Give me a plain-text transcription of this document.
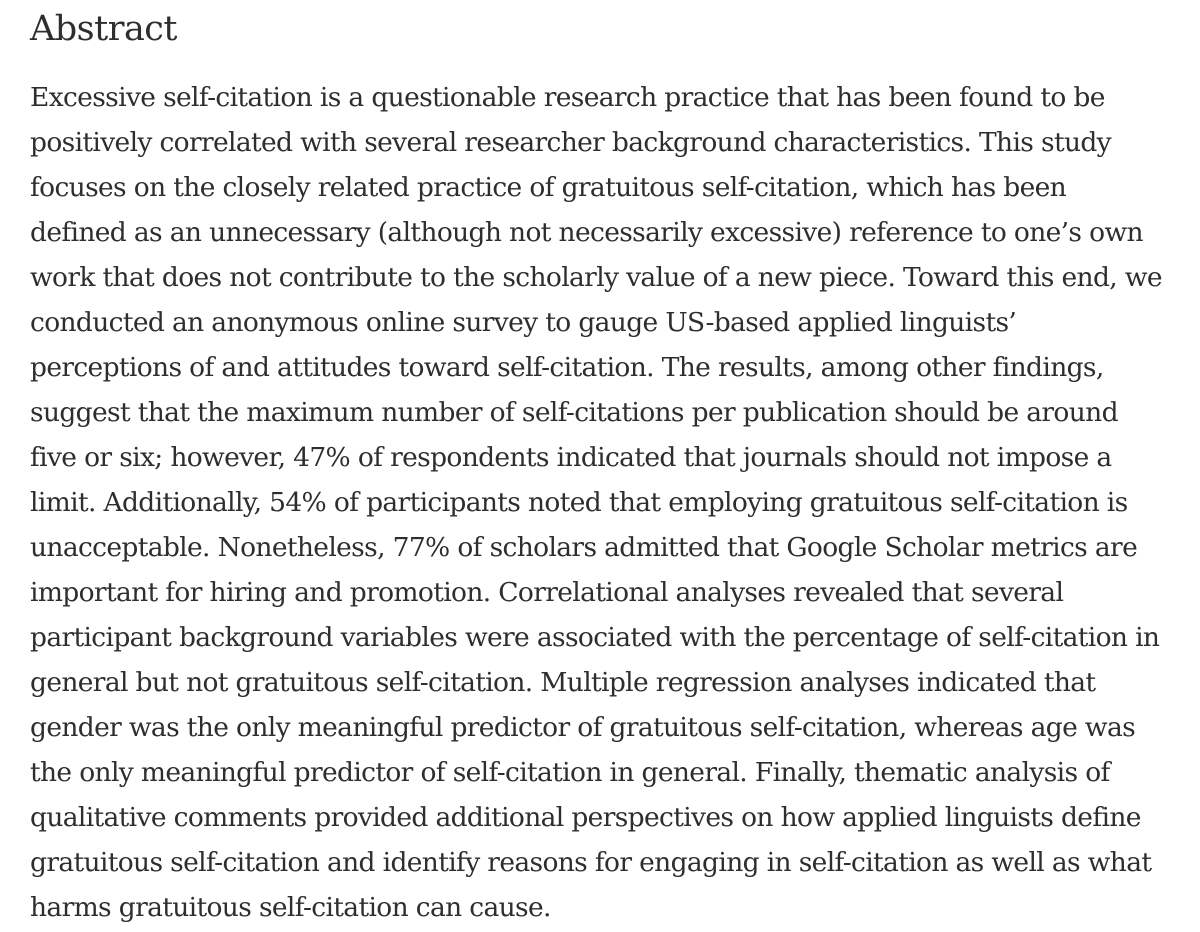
Abstract

Excessive self-citation is a questionable research practice that has been found to be
positively correlated with several researcher background characteristics. This study
focuses on the closely related practice of gratuitous self-citation, which has been
defined as an unnecessary (although not necessarily excessive) reference to one’s own
work that does not contribute to the scholarly value of a new piece. Toward this end, we
conducted an anonymous online survey to gauge US-based applied linguists’
perceptions of and attitudes toward self-citation. The results, among other findings,
suggest that the maximum number of self-citations per publication should be around
five or six; however, 47% of respondents indicated that journals should not impose a
limit. Additionally, 54% of participants noted that employing gratuitous self-citation is
unacceptable. Nonetheless, 77% of scholars admitted that Google Scholar metrics are
important for hiring and promotion. Correlational analyses revealed that several
participant background variables were associated with the percentage of self-citation in
general but not gratuitous self-citation. Multiple regression analyses indicated that
gender was the only meaningful predictor of gratuitous self-citation, whereas age was
the only meaningful predictor of self-citation in general. Finally, thematic analysis of
qualitative comments provided additional perspectives on how applied linguists define
gratuitous self-citation and identify reasons for engaging in self-citation as well as what
harms gratuitous self-citation can cause.
